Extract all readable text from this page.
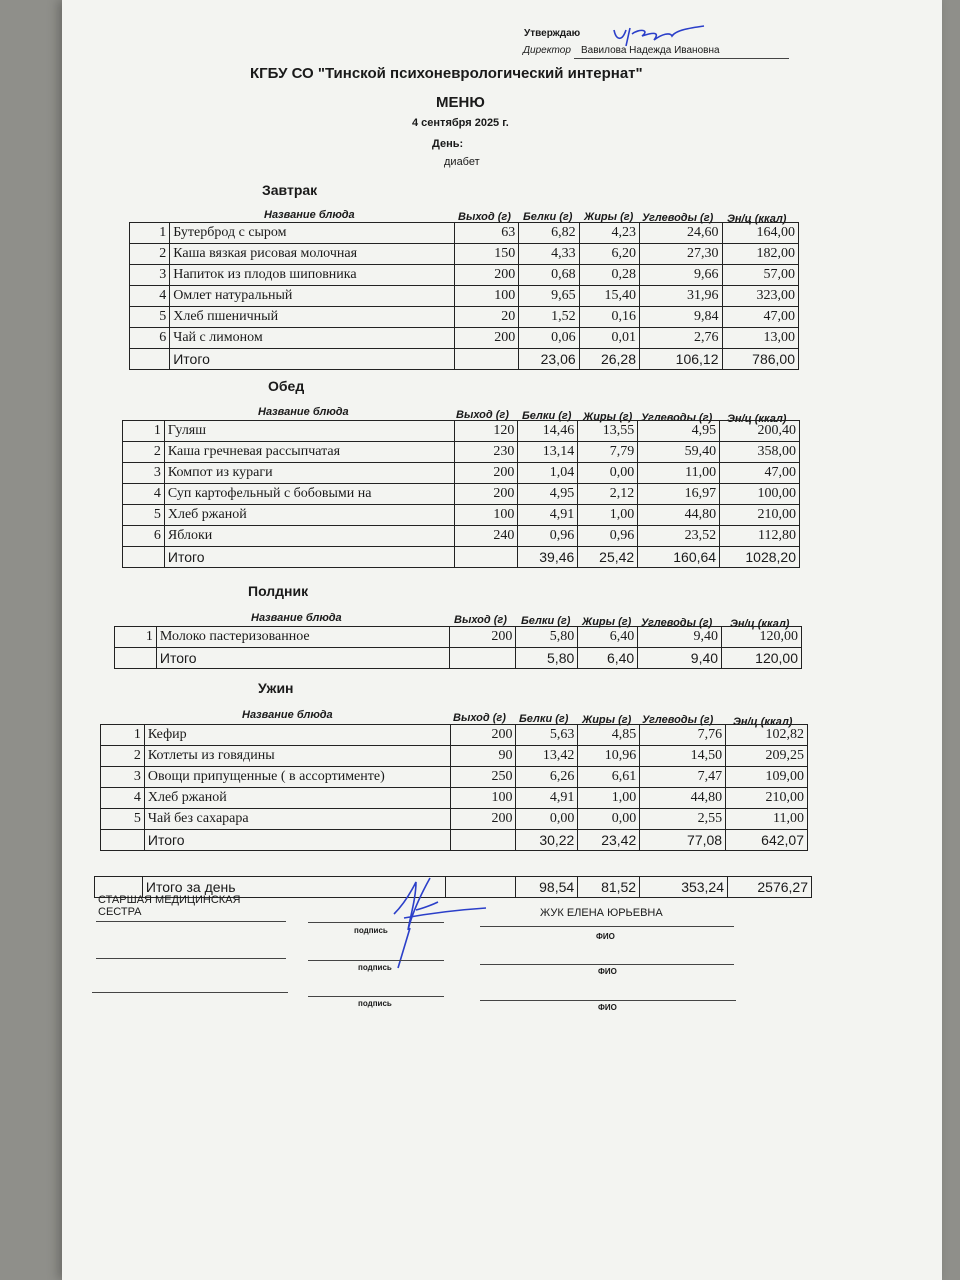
Утверждаю
Директор Вавилова Надежда Ивановна
КГБУ СО "Тинской психоневрологический интернат"
МЕНЮ
4 сентября 2025 г.
День:
диабет
Завтрак
Название блюда	Выход (г) Белки (г) Жиры (г) Углеводы (г) Эн/ц (ккал)
1	Бутерброд с сыром	63	6,82	4,23	24,60	164,00
2	Каша вязкая рисовая молочная	150	4,33	6,20	27,30	182,00
3	Напиток из плодов шиповника	200	0,68	0,28	9,66	57,00
4	Омлет натуральный	100	9,65	15,40	31,96	323,00
5	Хлеб пшеничный	20	1,52	0,16	9,84	47,00
6	Чай с лимоном	200	0,06	0,01	2,76	13,00
	Итого		23,06	26,28	106,12	786,00
Обед
Название блюда	Выход (г) Белки (г) Жиры (г) Углеводы (г) Эн/ц (ккал)
1	Гуляш	120	14,46	13,55	4,95	200,40
2	Каша гречневая рассыпчатая	230	13,14	7,79	59,40	358,00
3	Компот из кураги	200	1,04	0,00	11,00	47,00
4	Суп картофельный с бобовыми на	200	4,95	2,12	16,97	100,00
5	Хлеб ржаной	100	4,91	1,00	44,80	210,00
6	Яблоки	240	0,96	0,96	23,52	112,80
	Итого		39,46	25,42	160,64	1028,20
Полдник
Название блюда	Выход (г) Белки (г) Жиры (г) Углеводы (г) Эн/ц (ккал)
1	Молоко пастеризованное	200	5,80	6,40	9,40	120,00
	Итого		5,80	6,40	9,40	120,00
Ужин
Название блюда	Выход (г) Белки (г) Жиры (г) Углеводы (г) Эн/ц (ккал)
1	Кефир	200	5,63	4,85	7,76	102,82
2	Котлеты из говядины	90	13,42	10,96	14,50	209,25
3	Овощи припущенные ( в ассортименте)	250	6,26	6,61	7,47	109,00
4	Хлеб ржаной	100	4,91	1,00	44,80	210,00
5	Чай без сахарара	200	0,00	0,00	2,55	11,00
	Итого		30,22	23,42	77,08	642,07
	Итого за день		98,54	81,52	353,24	2576,27
СТАРШАЯ МЕДИЦИНСКАЯ
СЕСТРА	ЖУК ЕЛЕНА ЮРЬЕВНА
подпись
ФИО
подпись	ФИО
подпись	ФИО
